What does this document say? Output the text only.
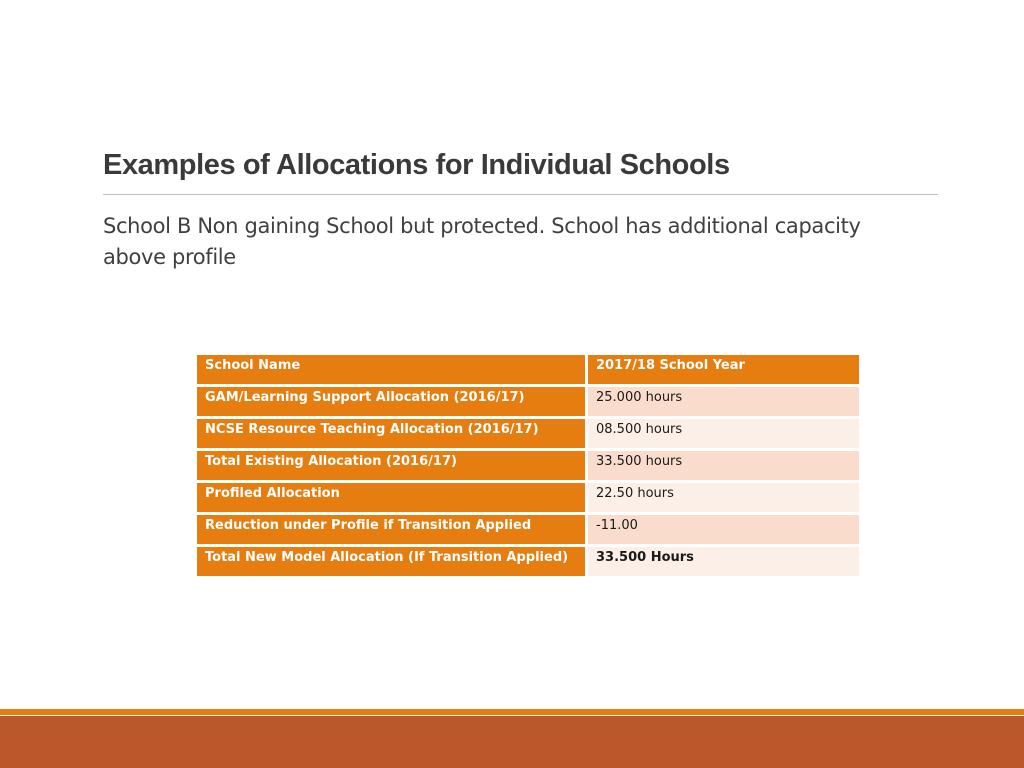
Examples of Allocations for Individual Schools

School B Non gaining School but protected. School has additional capacity above profile

School Name	2017/18 School Year
GAM/Learning Support Allocation (2016/17)	25.000 hours
NCSE Resource Teaching Allocation (2016/17)	08.500 hours
Total Existing Allocation (2016/17)	33.500 hours
Profiled Allocation	22.50 hours
Reduction under Profile if Transition Applied	-11.00
Total New Model Allocation (If Transition Applied)	33.500 Hours
